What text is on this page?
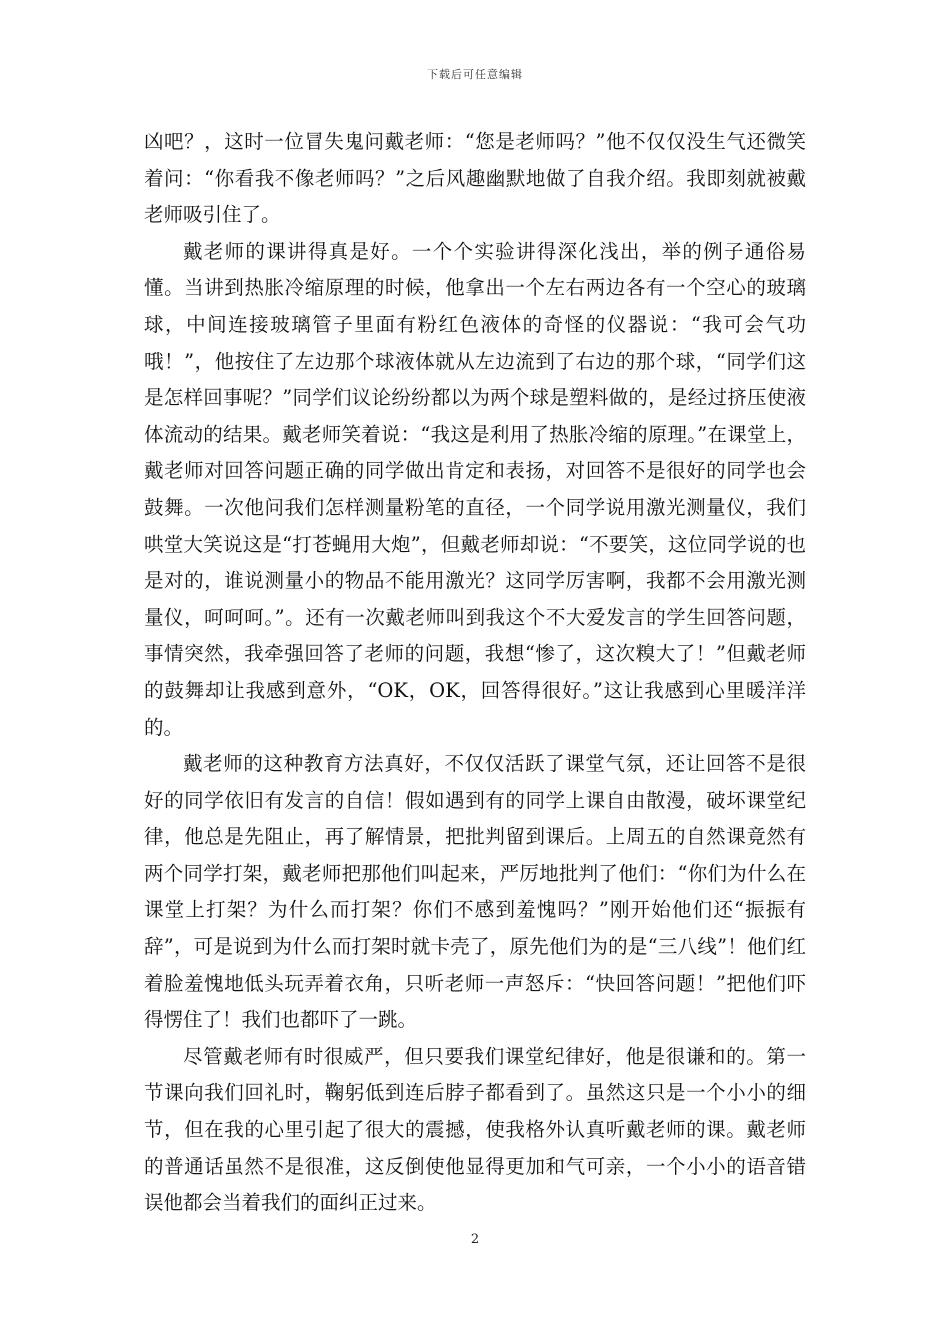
下载后可任意编辑

凶吧？，这时一位冒失鬼问戴老师：“您是老师吗？”他不仅仅没生气还微笑着问：“你看我不像老师吗？”之后风趣幽默地做了自我介绍。我即刻就被戴老师吸引住了。

戴老师的课讲得真是好。一个个实验讲得深化浅出，举的例子通俗易懂。当讲到热胀冷缩原理的时候，他拿出一个左右两边各有一个空心的玻璃球，中间连接玻璃管子里面有粉红色液体的奇怪的仪器说：“我可会气功哦！”，他按住了左边那个球液体就从左边流到了右边的那个球，“同学们这是怎样回事呢？”同学们议论纷纷都以为两个球是塑料做的，是经过挤压使液体流动的结果。戴老师笑着说：“我这是利用了热胀冷缩的原理。”在课堂上，戴老师对回答问题正确的同学做出肯定和表扬，对回答不是很好的同学也会鼓舞。一次他问我们怎样测量粉笔的直径，一个同学说用激光测量仪，我们哄堂大笑说这是“打苍蝇用大炮”，但戴老师却说：“不要笑，这位同学说的也是对的，谁说测量小的物品不能用激光？这同学厉害啊，我都不会用激光测量仪，呵呵呵。”。还有一次戴老师叫到我这个不大爱发言的学生回答问题，事情突然，我牵强回答了老师的问题，我想“惨了，这次糗大了！”但戴老师的鼓舞却让我感到意外，“OK，OK，回答得很好。”这让我感到心里暖洋洋的。

戴老师的这种教育方法真好，不仅仅活跃了课堂气氛，还让回答不是很好的同学依旧有发言的自信！假如遇到有的同学上课自由散漫，破坏课堂纪律，他总是先阻止，再了解情景，把批判留到课后。上周五的自然课竟然有两个同学打架，戴老师把那他们叫起来，严厉地批判了他们：“你们为什么在课堂上打架？为什么而打架？你们不感到羞愧吗？”刚开始他们还“振振有辞”，可是说到为什么而打架时就卡壳了，原先他们为的是“三八线”！他们红着脸羞愧地低头玩弄着衣角，只听老师一声怒斥：“快回答问题！”把他们吓得愣住了！我们也都吓了一跳。

尽管戴老师有时很威严，但只要我们课堂纪律好，他是很谦和的。第一节课向我们回礼时，鞠躬低到连后脖子都看到了。虽然这只是一个小小的细节，但在我的心里引起了很大的震撼，使我格外认真听戴老师的课。戴老师的普通话虽然不是很准，这反倒使他显得更加和气可亲，一个小小的语音错误他都会当着我们的面纠正过来。

2
